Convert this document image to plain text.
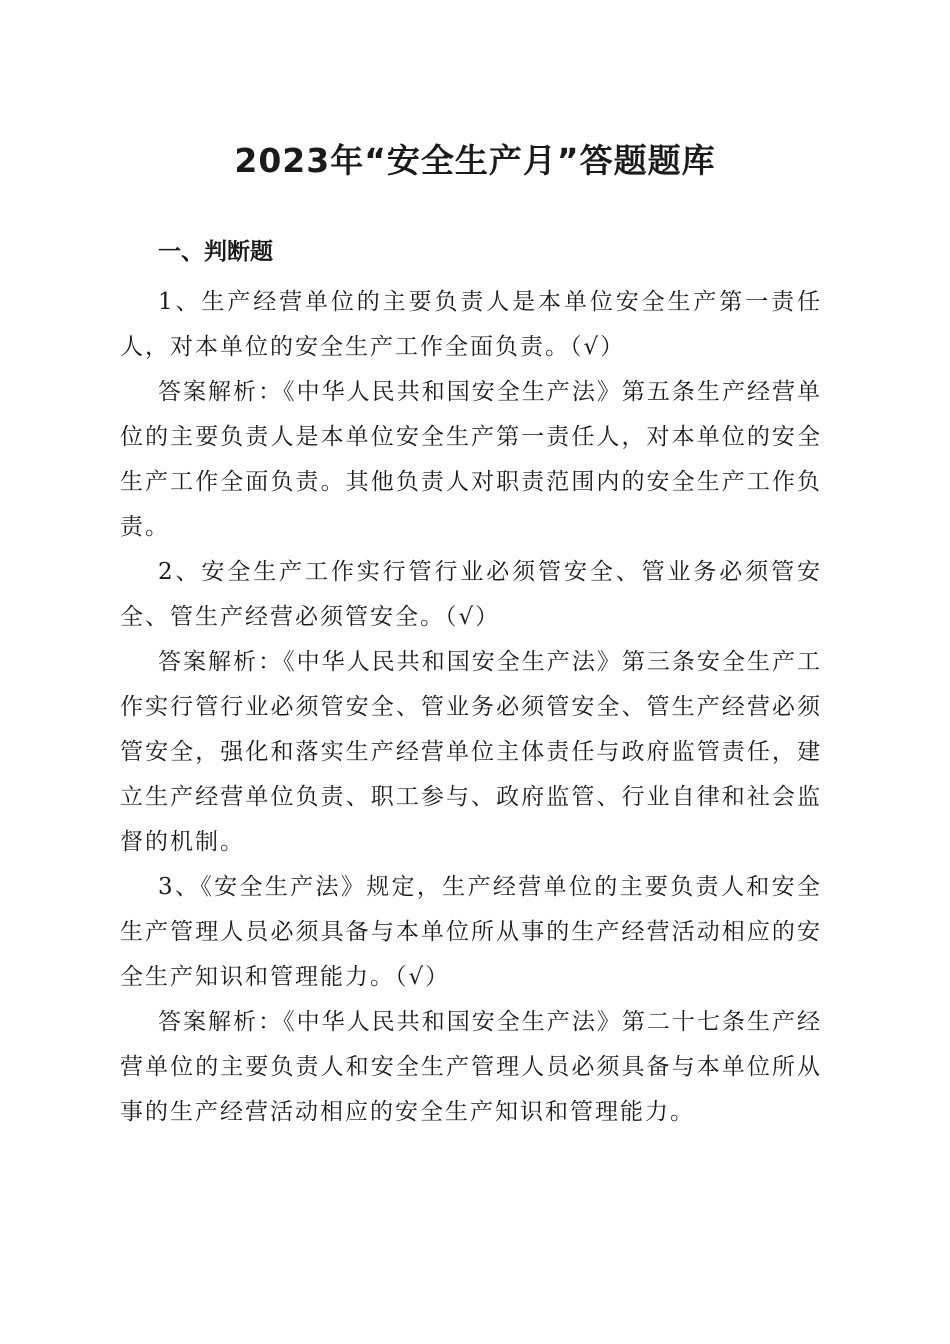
2023年“安全生产月”答题题库
一、判断题

1、生产经营单位的主要负责人是本单位安全生产第一责任人，对本单位的安全生产工作全面负责。（√）

答案解析：《中华人民共和国安全生产法》第五条生产经营单位的主要负责人是本单位安全生产第一责任人，对本单位的安全生产工作全面负责。其他负责人对职责范围内的安全生产工作负责。

2、安全生产工作实行管行业必须管安全、管业务必须管安全、管生产经营必须管安全。（√）

答案解析：《中华人民共和国安全生产法》第三条安全生产工作实行管行业必须管安全、管业务必须管安全、管生产经营必须管安全，强化和落实生产经营单位主体责任与政府监管责任，建立生产经营单位负责、职工参与、政府监管、行业自律和社会监督的机制。

3、《安全生产法》规定，生产经营单位的主要负责人和安全生产管理人员必须具备与本单位所从事的生产经营活动相应的安全生产知识和管理能力。（√）

答案解析：《中华人民共和国安全生产法》第二十七条生产经营单位的主要负责人和安全生产管理人员必须具备与本单位所从事的生产经营活动相应的安全生产知识和管理能力。
